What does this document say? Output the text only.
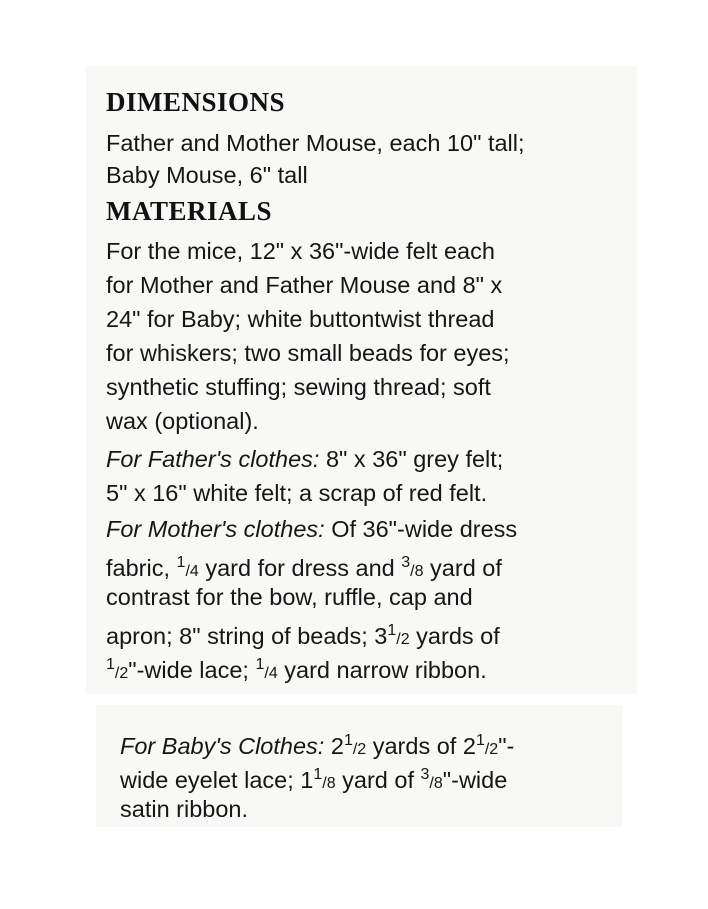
DIMENSIONS
Father and Mother Mouse, each 10" tall;
Baby Mouse, 6" tall
MATERIALS
For the mice, 12" x 36"-wide felt each
for Mother and Father Mouse and 8" x
24" for Baby; white buttontwist thread
for whiskers; two small beads for eyes;
synthetic stuffing; sewing thread; soft
wax (optional).
For Father's clothes: 8" x 36" grey felt;
5" x 16" white felt; a scrap of red felt.
For Mother's clothes: Of 36"-wide dress
fabric, $^1$/4 yard for dress and $^3$/8 yard of
contrast for the bow, ruffle, cap and
apron; 8" string of beads; $3^1/2$ yards of
$^1$/2"-wide lace; $^1$/4 yard narrow ribbon.
For Baby's Clothes: $2^1/2$ yards of $2^1/2"-$
wide eyelet lace; $1^1/8$ yard of $^3$/8"-wide
satin ribbon.
